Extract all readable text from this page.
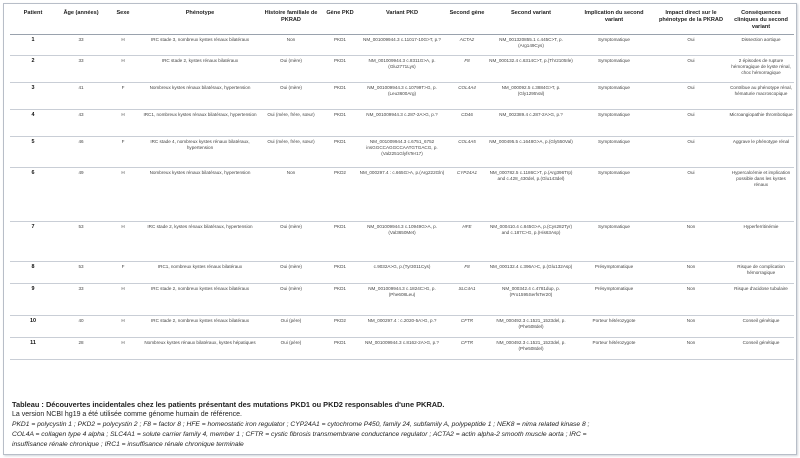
Patient	Âge (années)	Sexe	Phénotype	Histoire familiale de PKRAD	Gène PKD	Variant PKD	Second gène	Second variant	Implication du second variant	Impact direct sur le phénotype de la PKRAD	Conséquences cliniques du second variant
1	33	H	IRC stade 3, nombreux kystes rénaux bilatéraux	Non	PKD1	NM_001009944.3 c.11017-10G>T, p.?	ACTA2	NM_001320855.1 c.445C>T, p.(Arg149Cys)	Symptomatique	Oui	Dissection aortique
2	33	H	IRC stade 2, kystes rénaux bilatéraux	Oui (mère)	PKD1	NM_001009944.3 c.8311G>A, p.(Glu2771Lys)	F8	NM_000132.4 c.6314C>T, p.(Thr2105Ile)	Symptomatique	Oui	2 épisodes de rupture hémorragique de kyste rénal, choc hémorragique
3	41	F	Nombreux kystes rénaux bilatéraux, hypertension	Oui (mère)	PKD1	NM_001009944.3 c.10799T>G, p.(Leu3600Arg)	COL4A4	NM_000092.5 c.3884G>T, p.(Gly1295Val)	Symptomatique	Oui	Contribue au phénotype rénal, hématurie macroscopique
4	43	H	IRC1, nombreux kystes rénaux bilatéraux, hypertension	Oui (mère, frère, sœur)	PKD1	NM_001009944.3 c.287-2A>G, p.?	CD46	NM_002389.4 c.287-2A>G, p.?	Symptomatique	Oui	Microangiopathie thrombotique
5	46	F	IRC stade 4, nombreux kystes rénaux bilatéraux, hypertension	Oui (mère, frère, sœur)	PKD1	NM_001009944.3 c.6751_6752 insGGCCAGGCCAATGTGACG, p.(Val2251GlyfsTer17)	COL4A5	NM_000495.5 c.1648G>A, p.(Gly550Val)	Symptomatique	Oui	Aggrave le phénotype rénal
6	49	H	Nombreux kystes rénaux bilatéraux, hypertension	Non	PKD2	NM_000297.4 : c.665G>A, p.(Arg222Gln)	CYP24A1	NM_000782.5 c.1186C>T, p.(Arg396Trp) and c.428_430del, p.(Glu143del)	Symptomatique	Oui	Hypercalcémie et implication possible dans les kystes rénaux
7	53	H	IRC stade 2, kystes rénaux bilatéraux, hypertension	Oui (mère)	PKD1	NM_001009944.3 c.10949G>A, p.(Val3650Met)	HFE	NM_000410.4 c.845G>A, p.(Cys282Tyr) and c.187C>G, p.(His63Asp)	Symptomatique	Non	Hyperferritinémie
8	53	F	IRC1, nombreux kystes rénaux bilatéraux	Oui (mère)	PKD1	c.9032A>G, p.(Tyr3011Cys)	F8	NM_000132.4 c.396A>C, p.(Glu132Asp)	Présymptomatique	Non	Risque de complication hémorragique
9	33	H	IRC stade 2, nombreux kystes rénaux bilatéraux	Oui (mère)	PKD1	NM_001009944.3 c.1824C>G, p.(Phe608Leu)	SLC4A1	NM_000342.4 c.4781dup, p.(Pro1595SerfsTer20)	Présymptomatique	Non	Risque d'acidose tubulaire
10	40	H	IRC stade 2, nombreux kystes rénaux bilatéraux	Oui (père)	PKD2	NM_000297.4 : c.2020-5A>G, p.?	CFTR	NM_000492.3 c.1521_1523del, p.(Phe508del)	Porteur hétérozygote	Non	Conseil génétique
11	28	H	Nombreux kystes rénaux bilatéraux, kystes hépatiques	Oui (père)	PKD1	NM_001009944.3 c.8162-2A>G, p.?	CFTR	NM_000492.3 c.1521_1523del, p.(Phe508del)	Porteur hétérozygote	Non	Conseil génétique
Tableau : Découvertes incidentales chez les patients présentant des mutations PKD1 ou PKD2 responsables d'une PKRAD.
La version NCBI hg19 a été utilisée comme génome humain de référence.
PKD1 = polycystin 1 ; PKD2 = polycystin 2 ; F8 = factor 8 ; HFE = homeostatic iron regulator ; CYP24A1 = cytochrome P450, family 24, subfamily A, polypeptide 1 ; NEK8 = nima related kinase 8 ;
COL4A = collagen type 4 alpha ; SLC4A1 = solute carrier family 4, member 1 ; CFTR = cystic fibrosis transmembrane conductance regulator ; ACTA2 = actin alpha-2 smooth muscle aorta ; IRC =
insuffisance rénale chronique ; IRC1 = insuffisance rénale chronique terminale
